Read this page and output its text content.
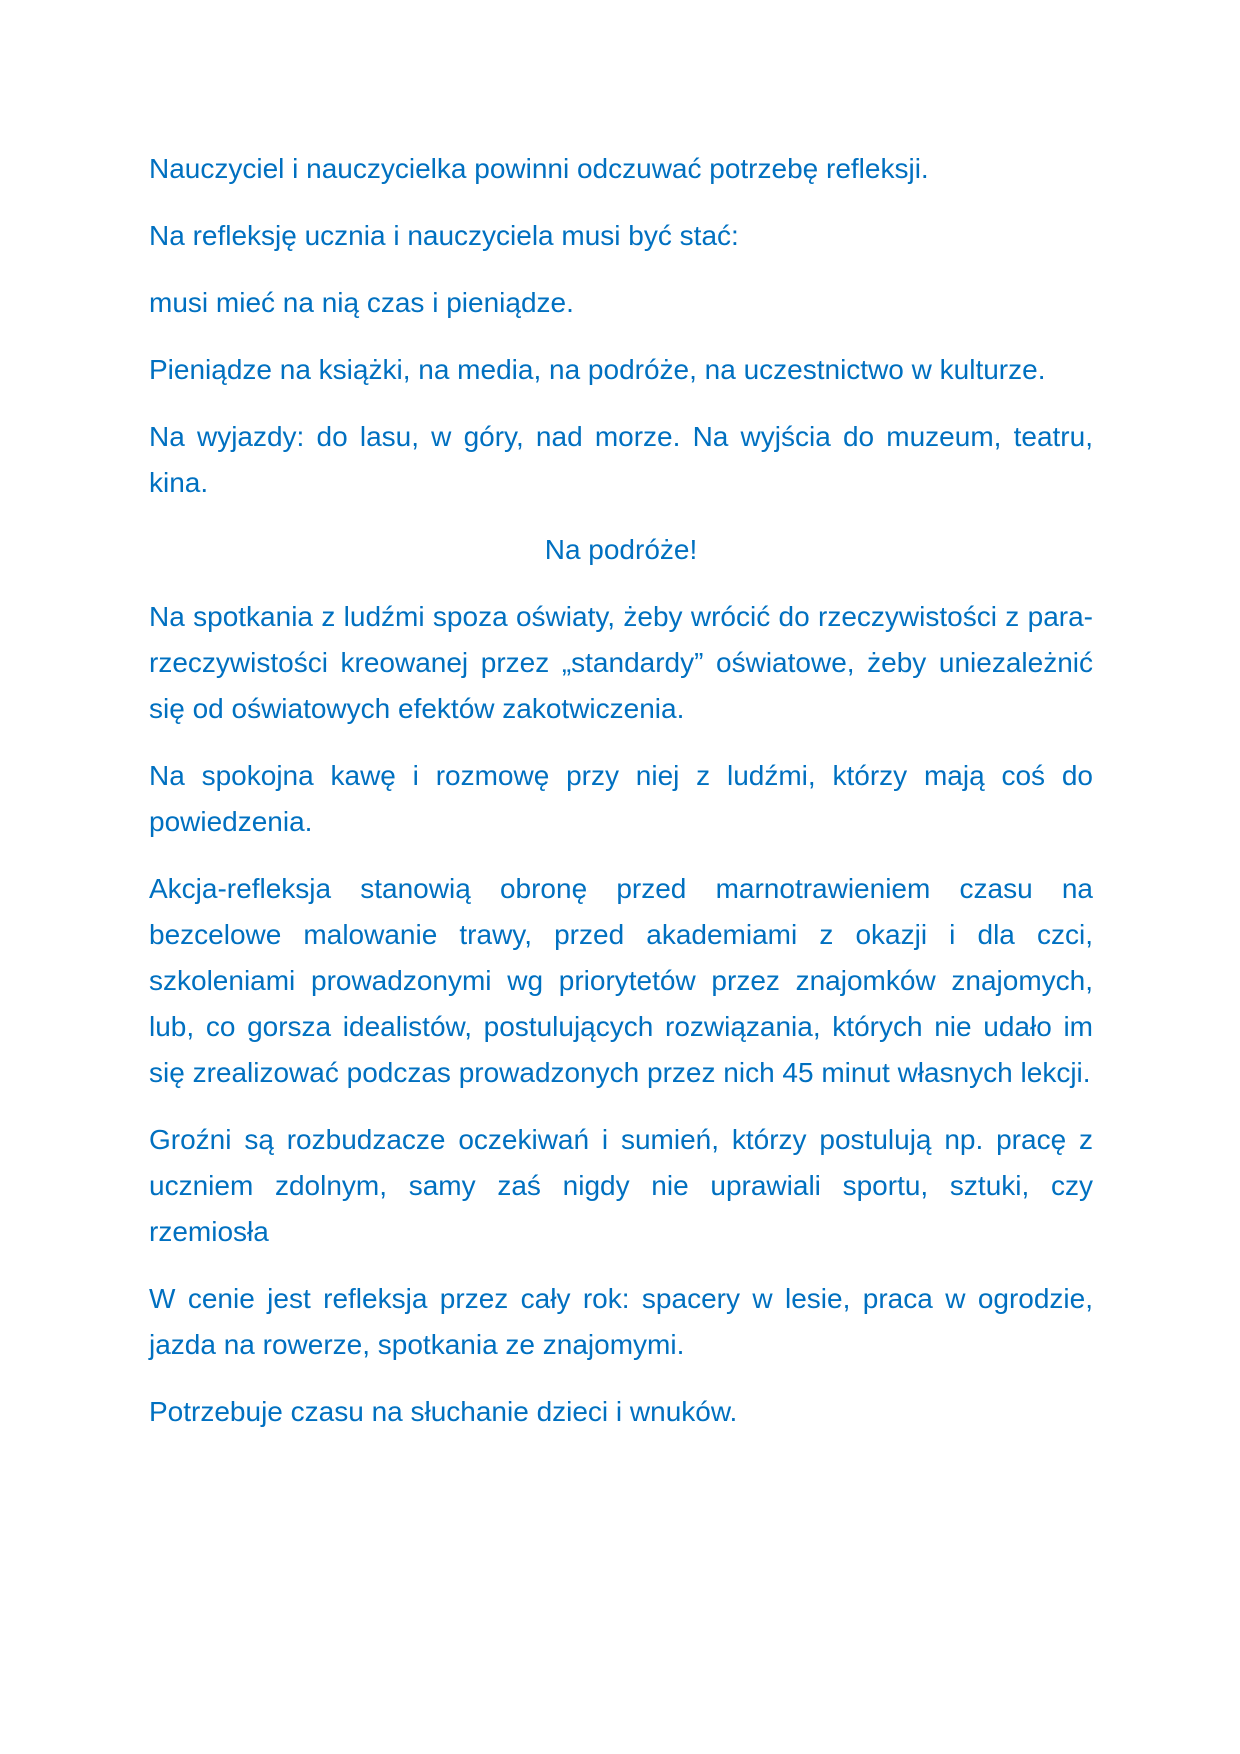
Nauczyciel i nauczycielka powinni odczuwać potrzebę refleksji.

Na refleksję ucznia i nauczyciela musi być stać:

musi mieć na nią czas i pieniądze.

Pieniądze na książki, na media, na podróże, na uczestnictwo w kulturze.

Na wyjazdy: do lasu, w góry, nad morze. Na wyjścia do muzeum, teatru, kina.

Na podróże!

Na spotkania z ludźmi spoza oświaty, żeby wrócić do rzeczywistości z para-rzeczywistości kreowanej przez „standardy” oświatowe, żeby uniezależnić się od oświatowych efektów zakotwiczenia.

Na spokojna kawę i rozmowę przy niej z ludźmi, którzy mają coś do powiedzenia.

Akcja-refleksja stanowią obronę przed marnotrawieniem czasu na bezcelowe malowanie trawy, przed akademiami z okazji i dla czci, szkoleniami prowadzonymi wg priorytetów przez znajomków znajomych, lub, co gorsza idealistów, postulujących rozwiązania, których nie udało im się zrealizować podczas prowadzonych przez nich 45 minut własnych lekcji.

Groźni są rozbudzacze oczekiwań i sumień, którzy postulują np. pracę z uczniem zdolnym, samy zaś nigdy nie uprawiali sportu, sztuki, czy rzemiosła

W cenie jest refleksja przez cały rok: spacery w lesie, praca w ogrodzie, jazda na rowerze, spotkania ze znajomymi.

Potrzebuje czasu na słuchanie dzieci i wnuków.
